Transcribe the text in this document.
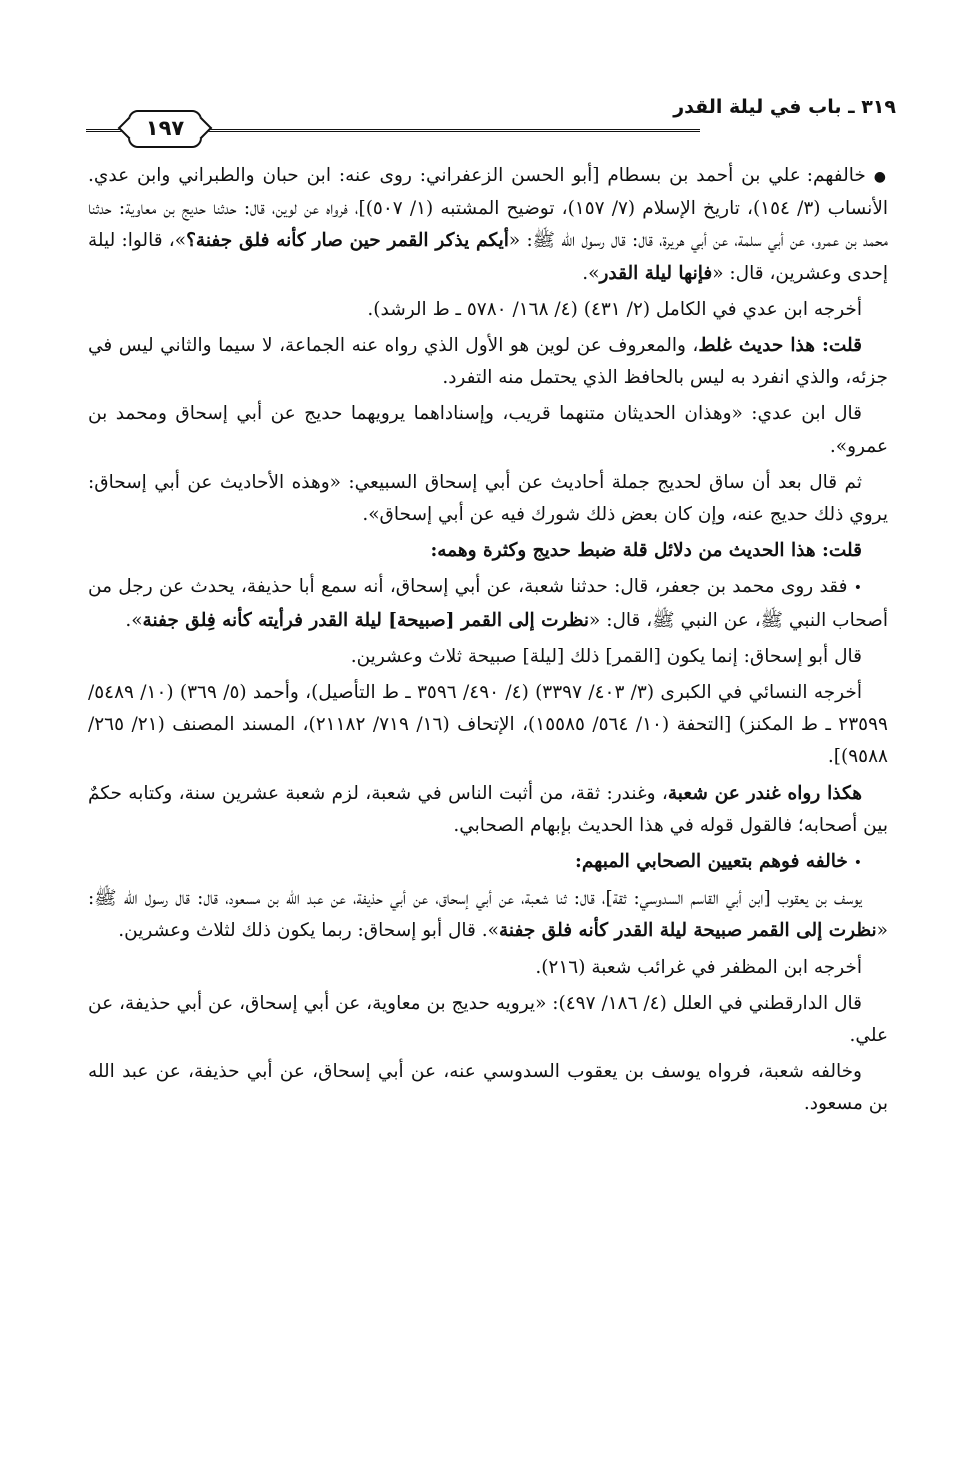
٣١٩ ـ باب في ليلة القدر
١٩٧

● خالفهم: علي بن أحمد بن بسطام [أبو الحسن الزعفراني: روى عنه: ابن حبان والطبراني وابن عدي. الأنساب (٣/ ١٥٤)، تاريخ الإسلام (٧/ ١٥٧)، توضيح المشتبه (١/ ٥٠٧)]، فرواه عن لوين، قال: حدثنا حديج بن معاوية: حدثنا محمد بن عمرو، عن أبي سلمة، عن أبي هريرة، قال: قال رسول الله ﷺ: «أيكم يذكر القمر حين صار كأنه فلق جفنة؟»، قالوا: ليلة إحدى وعشرين، قال: «فإنها ليلة القدر».

أخرجه ابن عدي في الكامل (٢/ ٤٣١) (٤/ ١٦٨/ ٥٧٨٠ ـ ط الرشد).

قلت: هذا حديث غلط، والمعروف عن لوين هو الأول الذي رواه عنه الجماعة، لا سيما والثاني ليس في جزئه، والذي انفرد به ليس بالحافظ الذي يحتمل منه التفرد.

قال ابن عدي: «وهذان الحديثان متنهما قريب، وإسناداهما يرويهما حديج عن أبي إسحاق ومحمد بن عمرو».

ثم قال بعد أن ساق لحديج جملة أحاديث عن أبي إسحاق السبيعي: «وهذه الأحاديث عن أبي إسحاق: يروي ذلك حديج عنه، وإن كان بعض ذلك شورك فيه عن أبي إسحاق».

قلت: هذا الحديث من دلائل قلة ضبط حديج وكثرة وهمه:

• فقد روى محمد بن جعفر، قال: حدثنا شعبة، عن أبي إسحاق، أنه سمع أبا حذيفة، يحدث عن رجل من أصحاب النبي ﷺ، عن النبي ﷺ، قال: «نظرت إلى القمر [صبيحة] ليلة القدر فرأيته كأنه فِلق جفنة».

قال أبو إسحاق: إنما يكون [القمر] ذلك [ليلة] صبيحة ثلاث وعشرين.

أخرجه النسائي في الكبرى (٣/ ٤٠٣/ ٣٣٩٧) (٤/ ٤٩٠/ ٣٥٩٦ ـ ط التأصيل)، وأحمد (٥/ ٣٦٩) (١٠/ ٥٤٨٩/ ٢٣٥٩٩ ـ ط المكنز) [التحفة (١٠/ ٥٦٤/ ١٥٥٨٥)، الإتحاف (١٦/ ٧١٩/ ٢١١٨٢)، المسند المصنف (٢١/ ٢٦٥/ ٩٥٨٨)].

هكذا رواه غندر عن شعبة، وغندر: ثقة، من أثبت الناس في شعبة، لزم شعبة عشرين سنة، وكتابه حكمٌ بين أصحابه؛ فالقول قوله في هذا الحديث بإبهام الصحابي.

• خالفه فوهم بتعيين الصحابي المبهم:

يوسف بن يعقوب [ابن أبي القاسم السدوسي: ثقة]، قال: ثنا شعبة، عن أبي إسحاق، عن أبي حذيفة، عن عبد الله بن مسعود، قال: قال رسول الله ﷺ: «نظرت إلى القمر صبيحة ليلة القدر كأنه فلق جفنة». قال أبو إسحاق: ربما يكون ذلك لثلاث وعشرين.

أخرجه ابن المظفر في غرائب شعبة (٢١٦).

قال الدارقطني في العلل (٤/ ١٨٦/ ٤٩٧): «يرويه حديج بن معاوية، عن أبي إسحاق، عن أبي حذيفة، عن علي.

وخالفه شعبة، فرواه يوسف بن يعقوب السدوسي عنه، عن أبي إسحاق، عن أبي حذيفة، عن عبد الله بن مسعود.
